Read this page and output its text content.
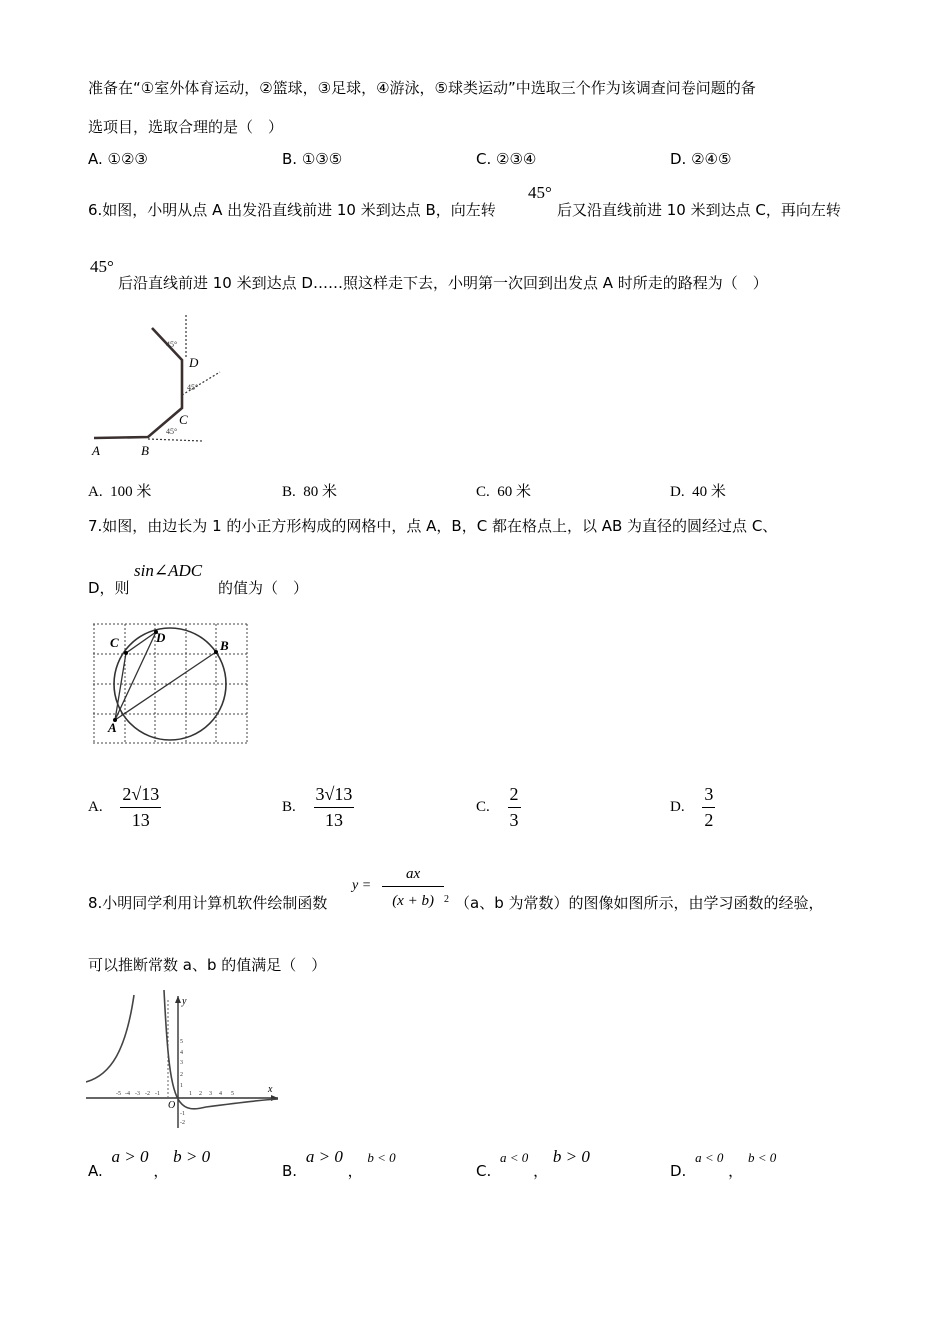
准备在“①室外体育运动，②篮球，③足球，④游泳，⑤球类运动”中选取三个作为该调查问卷问题的备
选项目，选取合理的是（　）
A. ①②③	B. ①③⑤	C. ②③④	D. ②④⑤
6.如图，小明从点 A 出发沿直线前进 10 米到达点 B，向左转
45°
后又沿直线前进 10 米到达点 C，再向左转
45°
后沿直线前进 10 米到达点 D……照这样走下去，小明第一次回到出发点 A 时所走的路程为（　）
45°
45°
45°
A	B
C
D
A. 100 米	B. 80 米	C. 60 米	D. 40 米
7.如图，由边长为 1 的小正方形构成的网格中，点 A，B，C 都在格点上，以 AB 为直径的圆经过点 C、
D，则
sin∠ADC
的值为（　）
A
B
C	D
A. $\frac{2√13}{13}$	B. $\frac{3√13}{13}$	C. $\frac{2}{3}$	D. $\frac{3}{2}$
8.小明同学利用计算机软件绘制函数
$y = \frac{ax}{(x + b)} 2$ （a、b 为常数）的图像如图所示，由学习函数的经验，
可以推断常数 a、b 的值满足（　）
x
y
O
-5 -4 -3 -2 -1	1 2 3 4 5
5
4
3
2
1
-1
-2
A. a > 0 ， b > 0
B. a > 0 ， b < 0
C. a < 0 ， b > 0
D. a < 0 ， b < 0
